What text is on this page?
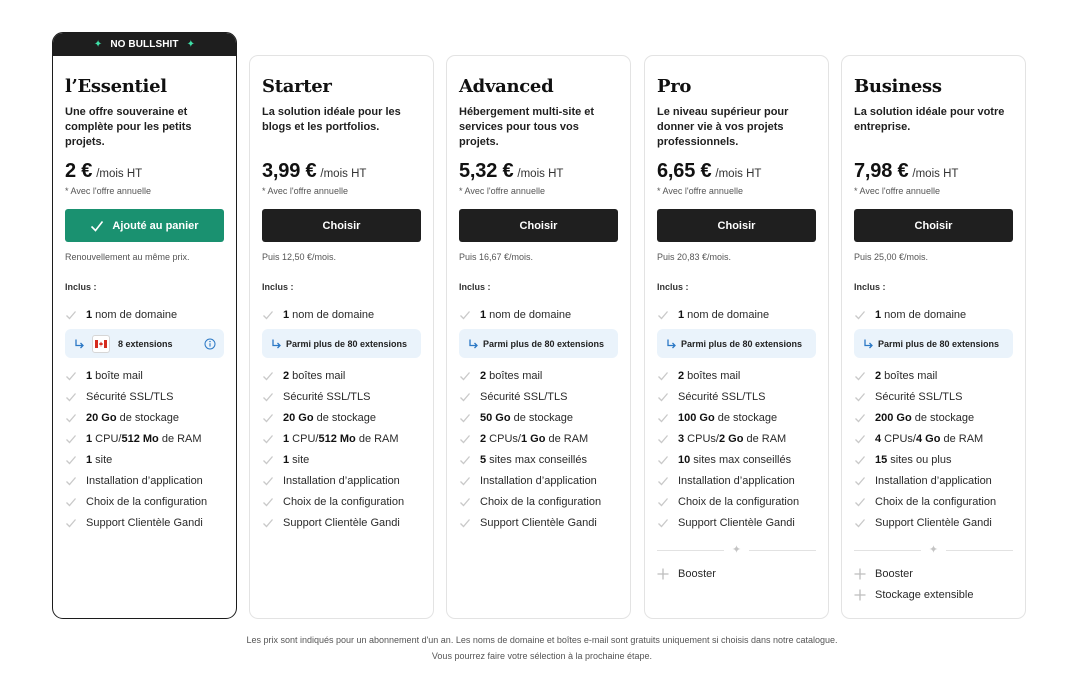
✦ NO BULLSHIT ✦
l’Essentiel
Une offre souveraine et complète pour les petits projets.
2 € /mois HT
* Avec l'offre annuelle
Ajouté au panier
Renouvellement au même prix.
Inclus :
1 nom de domaine
8 extensions
1 boîte mail
Sécurité SSL/TLS
20 Go de stockage
1 CPU/ 512 Mo de RAM
1 site
Installation d’application
Choix de la configuration
Support Clientèle Gandi
Starter
La solution idéale pour les blogs et les portfolios.
3,99 € /mois HT
* Avec l'offre annuelle
Choisir
Puis 12,50 €/mois.
Inclus :
1 nom de domaine
Parmi plus de 80 extensions
2 boîtes mail
Sécurité SSL/TLS
20 Go de stockage
1 CPU/ 512 Mo de RAM
1 site
Installation d’application
Choix de la configuration
Support Clientèle Gandi
Advanced
Hébergement multi-site et services pour tous vos projets.
5,32 € /mois HT
* Avec l'offre annuelle
Choisir
Puis 16,67 €/mois.
Inclus :
1 nom de domaine
Parmi plus de 80 extensions
2 boîtes mail
Sécurité SSL/TLS
50 Go de stockage
2 CPUs/ 1 Go de RAM
5 sites max conseillés
Installation d’application
Choix de la configuration
Support Clientèle Gandi
Pro
Le niveau supérieur pour donner vie à vos projets professionnels.
6,65 € /mois HT
* Avec l'offre annuelle
Choisir
Puis 20,83 €/mois.
Inclus :
1 nom de domaine
Parmi plus de 80 extensions
2 boîtes mail
Sécurité SSL/TLS
100 Go de stockage
3 CPUs/ 2 Go de RAM
10 sites max conseillés
Installation d’application
Choix de la configuration
Support Clientèle Gandi
✦
Booster
Business
La solution idéale pour votre entreprise.
7,98 € /mois HT
* Avec l'offre annuelle
Choisir
Puis 25,00 €/mois.
Inclus :
1 nom de domaine
Parmi plus de 80 extensions
2 boîtes mail
Sécurité SSL/TLS
200 Go de stockage
4 CPUs/ 4 Go de RAM
15 sites ou plus
Installation d’application
Choix de la configuration
Support Clientèle Gandi
✦
Booster
Stockage extensible
Les prix sont indiqués pour un abonnement d'un an. Les noms de domaine et boîtes e-mail sont gratuits uniquement si choisis dans notre catalogue.
Vous pourrez faire votre sélection à la prochaine étape.
